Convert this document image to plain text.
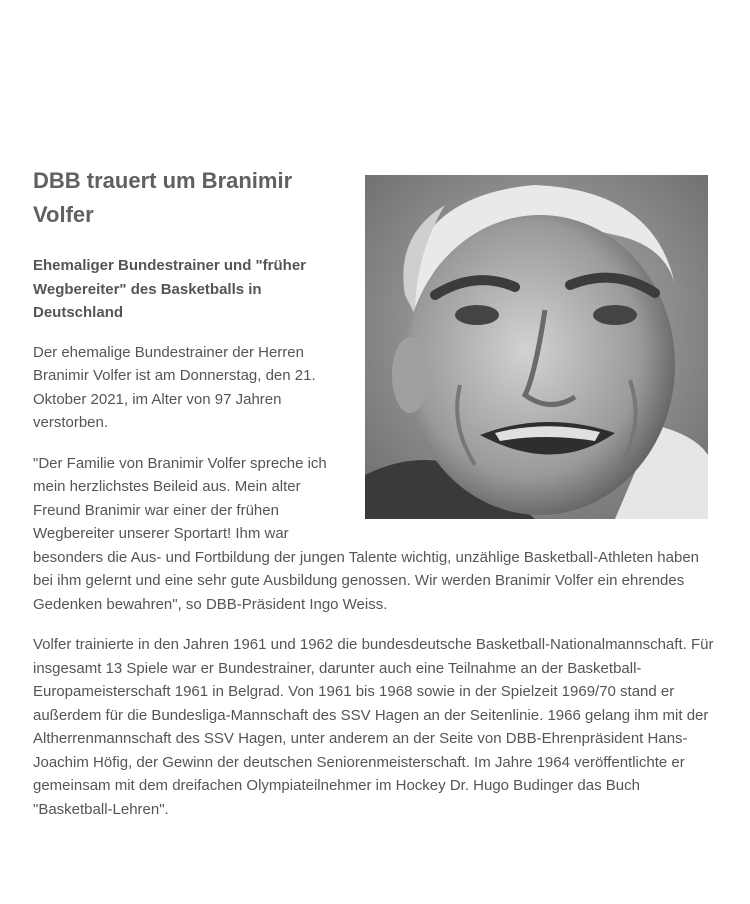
DBB trauert um Branimir Volfer
Ehemaliger Bundestrainer und "früher Wegbereiter" des Basketballs in Deutschland

Der ehemalige Bundestrainer der Herren Branimir Volfer ist am Donnerstag, den 21. Oktober 2021, im Alter von 97 Jahren verstorben.

"Der Familie von Branimir Volfer spreche ich mein herzlichstes Beileid aus. Mein alter Freund Branimir war einer der frühen Wegbereiter unserer Sportart! Ihm war besonders die Aus- und Fortbildung der jungen Talente wichtig, unzählige Basketball-Athleten haben bei ihm gelernt und eine sehr gute Ausbildung genossen. Wir werden Branimir Volfer ein ehrendes Gedenken bewahren", so DBB-Präsident Ingo Weiss.

Volfer trainierte in den Jahren 1961 und 1962 die bundesdeutsche Basketball-Nationalmannschaft. Für insgesamt 13 Spiele war er Bundestrainer, darunter auch eine Teilnahme an der Basketball-Europameisterschaft 1961 in Belgrad. Von 1961 bis 1968 sowie in der Spielzeit 1969/70 stand er außerdem für die Bundesliga-Mannschaft des SSV Hagen an der Seitenlinie. 1966 gelang ihm mit der Altherrenmannschaft des SSV Hagen, unter anderem an der Seite von DBB-Ehrenpräsident Hans-Joachim Höfig, der Gewinn der deutschen Seniorenmeisterschaft. Im Jahre 1964 veröffentlichte er gemeinsam mit dem dreifachen Olympiateilnehmer im Hockey Dr. Hugo Budinger das Buch "Basketball-Lehren".
